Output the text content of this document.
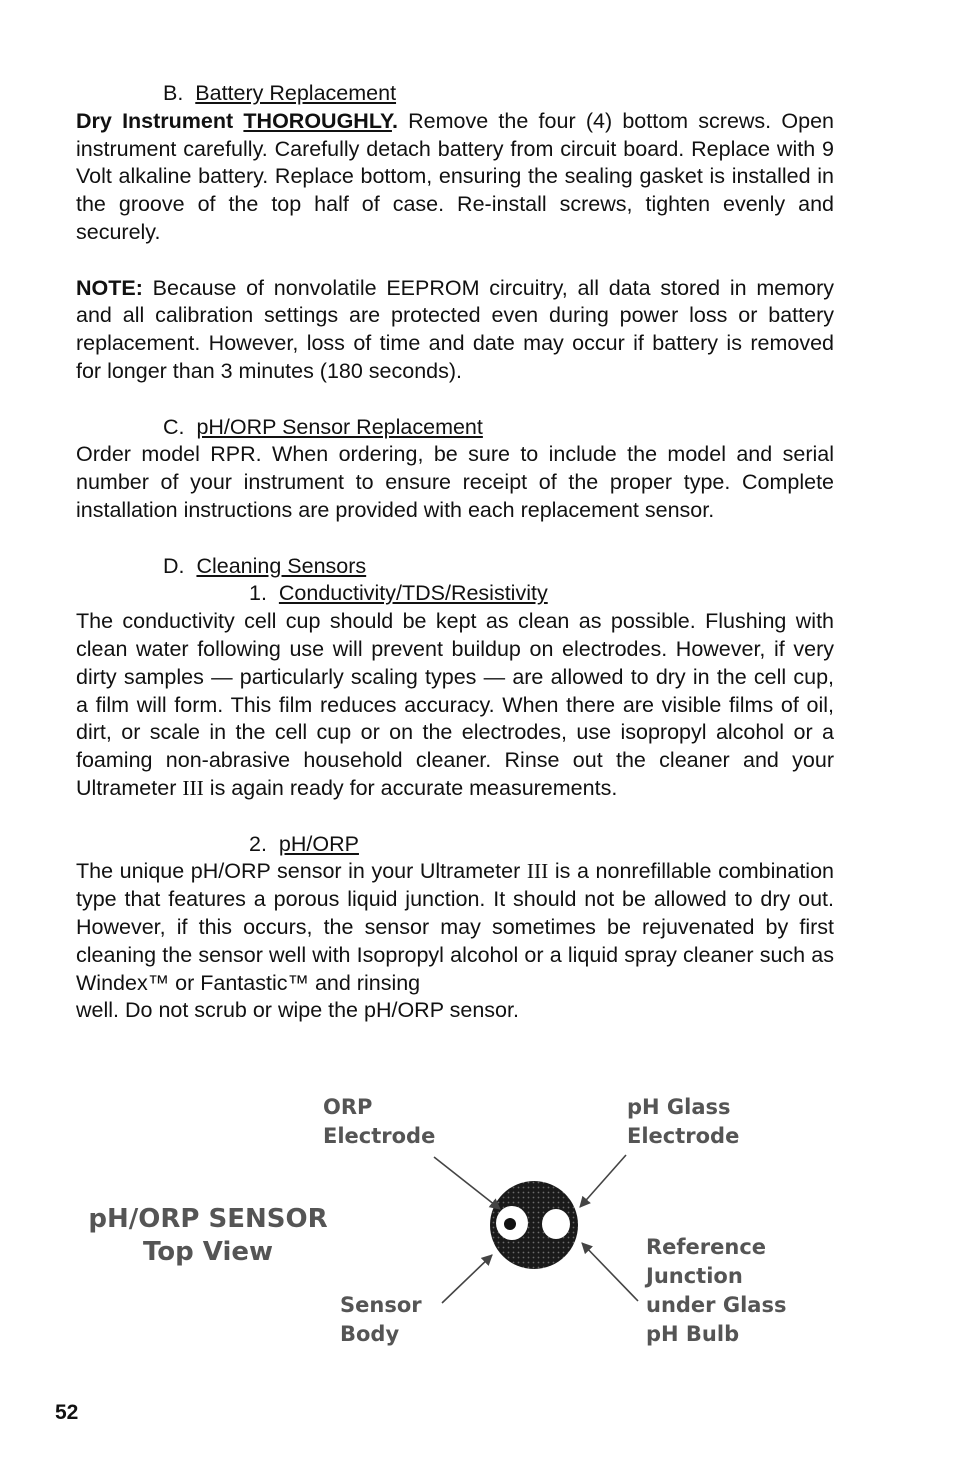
B. Battery Replacement

Dry Instrument THOROUGHLY. Remove the four (4) bottom screws. Open instrument carefully. Carefully detach battery from circuit board. Replace with 9 Volt alkaline battery. Replace bottom, ensuring the sealing gasket is installed in the groove of the top half of case. Re-install screws, tighten evenly and securely.

NOTE: Because of nonvolatile EEPROM circuitry, all data stored in memory and all calibration settings are protected even during power loss or battery replacement. However, loss of time and date may occur if battery is removed for longer than 3 minutes (180 seconds).

C. pH/ORP Sensor Replacement

Order model RPR. When ordering, be sure to include the model and serial number of your instrument to ensure receipt of the proper type. Complete installation instructions are provided with each replacement sensor.

D. Cleaning Sensors
1. Conductivity/TDS/Resistivity

The conductivity cell cup should be kept as clean as possible. Flushing with clean water following use will prevent buildup on electrodes. However, if very dirty samples — particularly scaling types — are allowed to dry in the cell cup, a film will form. This film reduces accuracy. When there are visible films of oil, dirt, or scale in the cell cup or on the electrodes, use isopropyl alcohol or a foaming non-abrasive household cleaner. Rinse out the cleaner and your Ultrameter III is again ready for accurate measurements.

2. pH/ORP

The unique pH/ORP sensor in your Ultrameter III is a nonrefillable combination type that features a porous liquid junction. It should not be allowed to dry out. However, if this occurs, the sensor may sometimes be rejuvenated by first cleaning the sensor well with Isopropyl alcohol or a liquid spray cleaner such as Windex™ or Fantastic™ and rinsing

well. Do not scrub or wipe the pH/ORP sensor.

pH/ORP SENSOR
Top View
ORP
Electrode
pH Glass
Electrode
Sensor
Body
Reference
Junction
under Glass
pH Bulb
52
